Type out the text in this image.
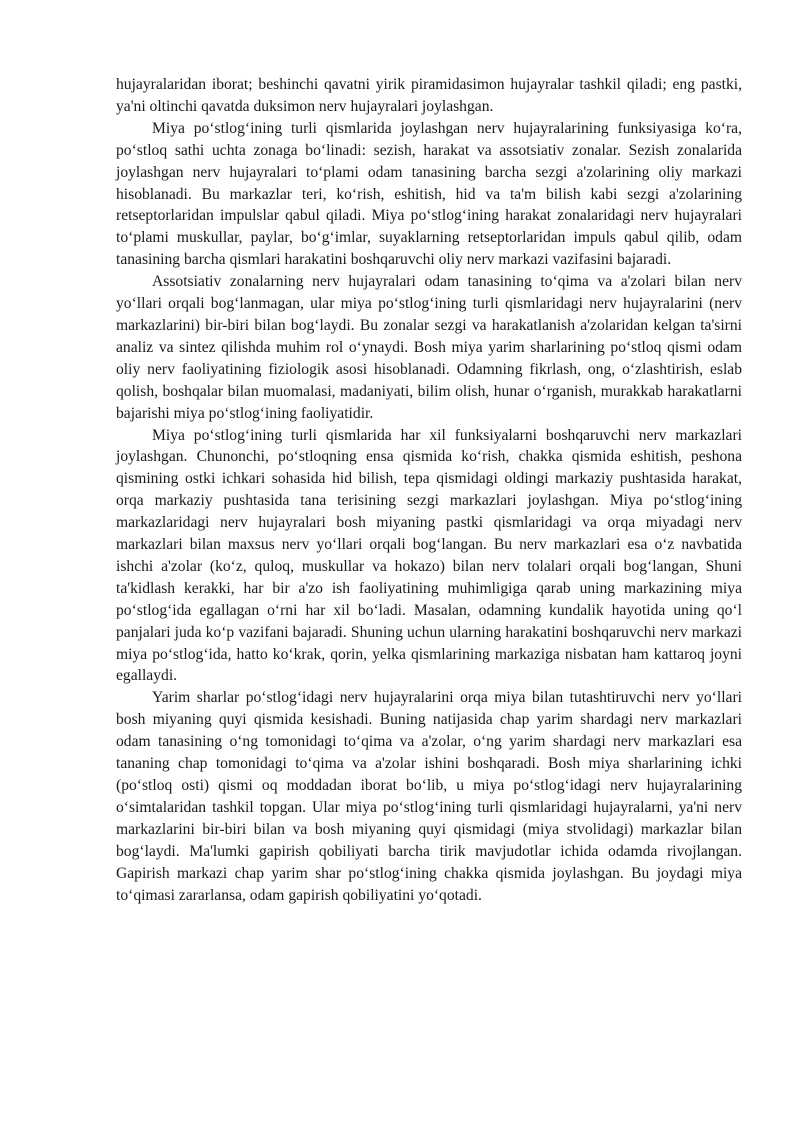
hujayralaridan iborat; beshinchi qavatni yirik piramidasimon hujayralar tashkil qiladi; eng pastki, ya'ni oltinchi qavatda duksimon nerv hujayralari joylashgan.

Miya po‘stlog‘ining turli qismlarida joylashgan nerv hujayralarining funksiyasiga ko‘ra, po‘stloq sathi uchta zonaga bo‘linadi: sezish, harakat va assotsiativ zonalar. Sezish zonalarida joylashgan nerv hujayralari to‘plami odam tanasining barcha sezgi a'zolarining oliy markazi hisoblanadi. Bu markazlar teri, ko‘rish, eshitish, hid va ta'm bilish kabi sezgi a'zolarining retseptorlaridan impulslar qabul qiladi. Miya po‘stlog‘ining harakat zonalaridagi nerv hujayralari to‘plami muskullar, paylar, bo‘g‘imlar, suyaklarning retseptorlaridan impuls qabul qilib, odam tanasining barcha qismlari harakatini boshqaruvchi oliy nerv markazi vazifasini bajaradi.

Assotsiativ zonalarning nerv hujayralari odam tanasining to‘qima va a'zolari bilan nerv yo‘llari orqali bog‘lanmagan, ular miya po‘stlog‘ining turli qismlaridagi nerv hujayralarini (nerv markazlarini) bir-biri bilan bog‘laydi. Bu zonalar sezgi va harakatlanish a'zolaridan kelgan ta'sirni analiz va sintez qilishda muhim rol o‘ynaydi. Bosh miya yarim sharlarining po‘stloq qismi odam oliy nerv faoliyatining fiziologik asosi hisoblanadi. Odamning fikrlash, ong, o‘zlashtirish, eslab qolish, boshqalar bilan muomalasi, madaniyati, bilim olish, hunar o‘rganish, murakkab harakatlarni bajarishi miya po‘stlog‘ining faoliyatidir.

Miya po‘stlog‘ining turli qismlarida har xil funksiyalarni boshqaruvchi nerv markazlari joylashgan. Chunonchi, po‘stloqning ensa qismida ko‘rish, chakka qismida eshitish, peshona qismining ostki ichkari sohasida hid bilish, tepa qismidagi oldingi markaziy pushtasida harakat, orqa markaziy pushtasida tana terisining sezgi markazlari joylashgan. Miya po‘stlog‘ining markazlaridagi nerv hujayralari bosh miyaning pastki qismlaridagi va orqa miyadagi nerv markazlari bilan maxsus nerv yo‘llari orqali bog‘langan. Bu nerv markazlari esa o‘z navbatida ishchi a'zolar (ko‘z, quloq, muskullar va hokazo) bilan nerv tolalari orqali bog‘langan, Shuni ta'kidlash kerakki, har bir a'zo ish faoliyatining muhimligiga qarab uning markazining miya po‘stlog‘ida egallagan o‘rni har xil bo‘ladi. Masalan, odamning kundalik hayotida uning qo‘l panjalari juda ko‘p vazifani bajaradi. Shuning uchun ularning harakatini boshqaruvchi nerv markazi miya po‘stlog‘ida, hatto ko‘krak, qorin, yelka qismlarining markaziga nisbatan ham kattaroq joyni egallaydi.

Yarim sharlar po‘stlog‘idagi nerv hujayralarini orqa miya bilan tutashtiruvchi nerv yo‘llari bosh miyaning quyi qismida kesishadi. Buning natijasida chap yarim shardagi nerv markazlari odam tanasining o‘ng tomonidagi to‘qima va a'zolar, o‘ng yarim shardagi nerv markazlari esa tananing chap tomonidagi to‘qima va a'zolar ishini boshqaradi. Bosh miya sharlarining ichki (po‘stloq osti) qismi oq moddadan iborat bo‘lib, u miya po‘stlog‘idagi nerv hujayralarining o‘simtalaridan tashkil topgan. Ular miya po‘stlog‘ining turli qismlaridagi hujayralarni, ya'ni nerv markazlarini bir-biri bilan va bosh miyaning quyi qismidagi (miya stvolidagi) markazlar bilan bog‘laydi. Ma'lumki gapirish qobiliyati barcha tirik mavjudotlar ichida odamda rivojlangan. Gapirish markazi chap yarim shar po‘stlog‘ining chakka qismida joylashgan. Bu joydagi miya to‘qimasi zararlansa, odam gapirish qobiliyatini yo‘qotadi.
